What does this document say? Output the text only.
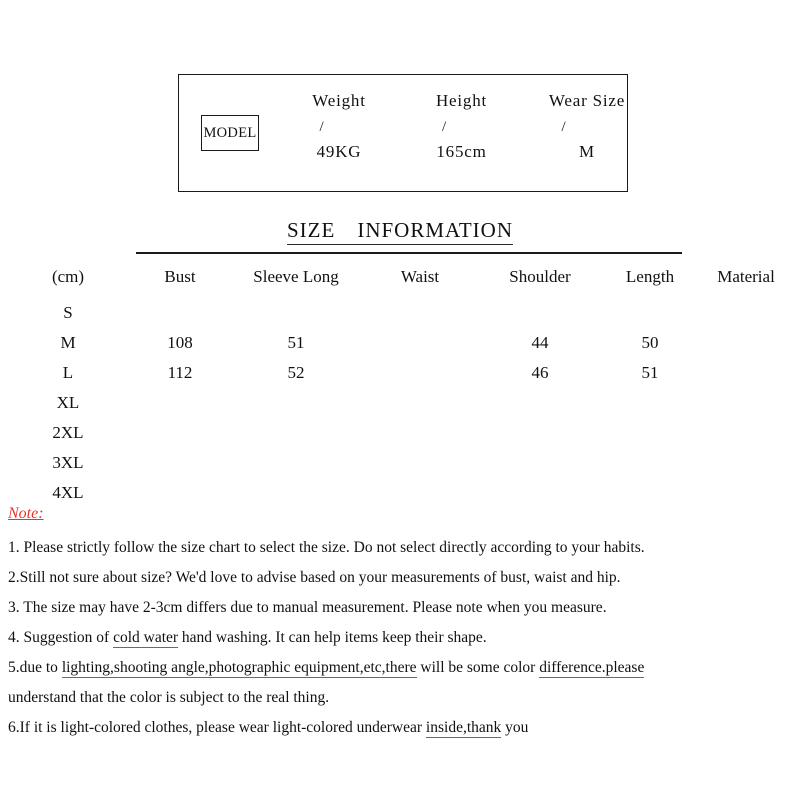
MODEL
Weight
/
49KG
Height
/
165cm
Wear Size
/
M
SIZE INFORMATION
(cm)	Bust	Sleeve Long	Waist	Shoulder	Length	Material
S						
M	108	51		44	50	
L	112	52		46	51	
XL						
2XL						
3XL						
4XL						
Note:

1. Please strictly follow the size chart to select the size. Do not select directly according to your habits.

2.Still not sure about size? We'd love to advise based on your measurements of bust, waist and hip.

3. The size may have 2-3cm differs due to manual measurement. Please note when you measure.

4. Suggestion of cold water hand washing. It can help items keep their shape.

5.due to lighting,shooting angle,photographic equipment,etc,there will be some color difference.please

understand that the color is subject to the real thing.

6.If it is light-colored clothes, please wear light-colored underwear inside,thank you
